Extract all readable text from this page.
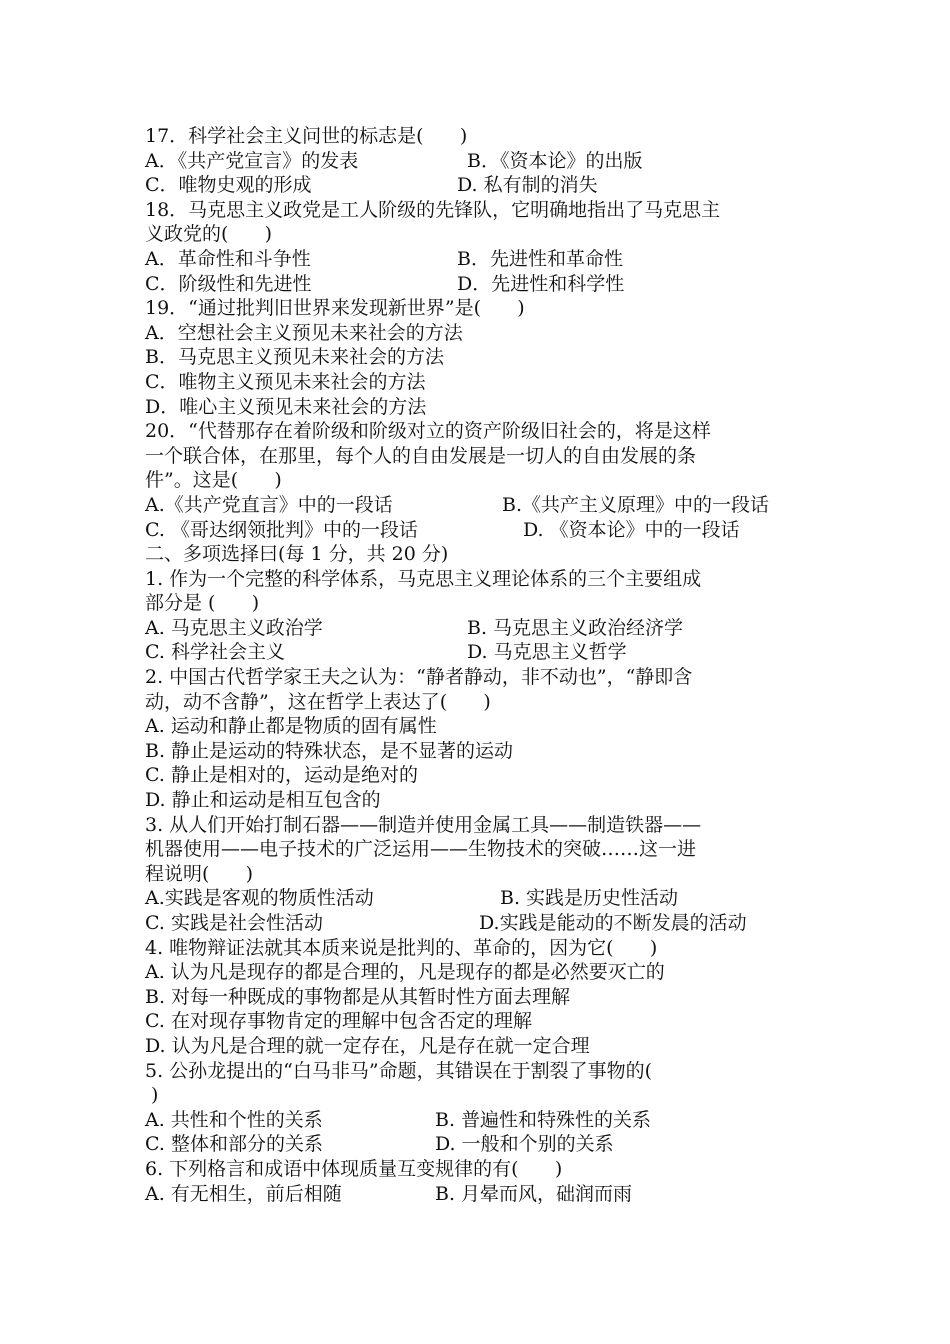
17．科学社会主义问世的标志是(      )
A．《共产党宣言》的发表	B．《资本论》的出版
C．唯物史观的形成	D. 私有制的消失
18．马克思主义政党是工人阶级的先锋队，它明确地指出了马克思主
义政党的(      )
A．革命性和斗争性	B．先进性和革命性
C．阶级性和先进性	D．先进性和科学性
19．“通过批判旧世界来发现新世界”是(      )
A．空想社会主义预见未来社会的方法
B．马克思主义预见未来社会的方法
C．唯物主义预见未来社会的方法
D．唯心主义预见未来社会的方法
20．“代替那存在着阶级和阶级对立的资产阶级旧社会的，将是这样
一个联合体，在那里，每个人的自由发展是一切人的自由发展的条
件”。这是(      )
A.《共产党直言》中的一段话	B.《共产主义原理》中的一段话
C. 《哥达纲领批判》中的一段话	D. 《资本论》中的一段话
二、多项选择曰(每 1 分，共 20 分)
1. 作为一个完整的科学体系，马克思主义理论体系的三个主要组成
部分是 (      )
A. 马克思主义政治学	B. 马克思主义政治经济学
C. 科学社会主义	D. 马克思主义哲学
2. 中国古代哲学家王夫之认为：“静者静动，非不动也”，“静即含
动，动不含静”，这在哲学上表达了(      )
A. 运动和静止都是物质的固有属性
B. 静止是运动的特殊状态，是不显著的运动
C. 静止是相对的，运动是绝对的
D. 静止和运动是相互包含的
3. 从人们开始打制石器——制造并使用金属工具——制造铁器——
机器使用——电子技术的广泛运用——生物技术的突破……这一进
程说明(      )
A.实践是客观的物质性活动	B. 实践是历史性活动
C. 实践是社会性活动	D.实践是能动的不断发晨的活动
4. 唯物辩证法就其本质来说是批判的、革命的，因为它(      )
A. 认为凡是现存的都是合理的，凡是现存的都是必然要灭亡的
B. 对每一种既成的事物都是从其暂时性方面去理解
C. 在对现存事物肯定的理解中包含否定的理解
D. 认为凡是合理的就一定存在，凡是存在就一定合理
5. 公孙龙提出的“白马非马”命题，其错误在于割裂了事物的(
)
A. 共性和个性的关系	B. 普遍性和特殊性的关系
C. 整体和部分的关系	D. 一般和个别的关系
6. 下列格言和成语中体现质量互变规律的有(      )
A. 有无相生，前后相随	B. 月晕而风，础润而雨
